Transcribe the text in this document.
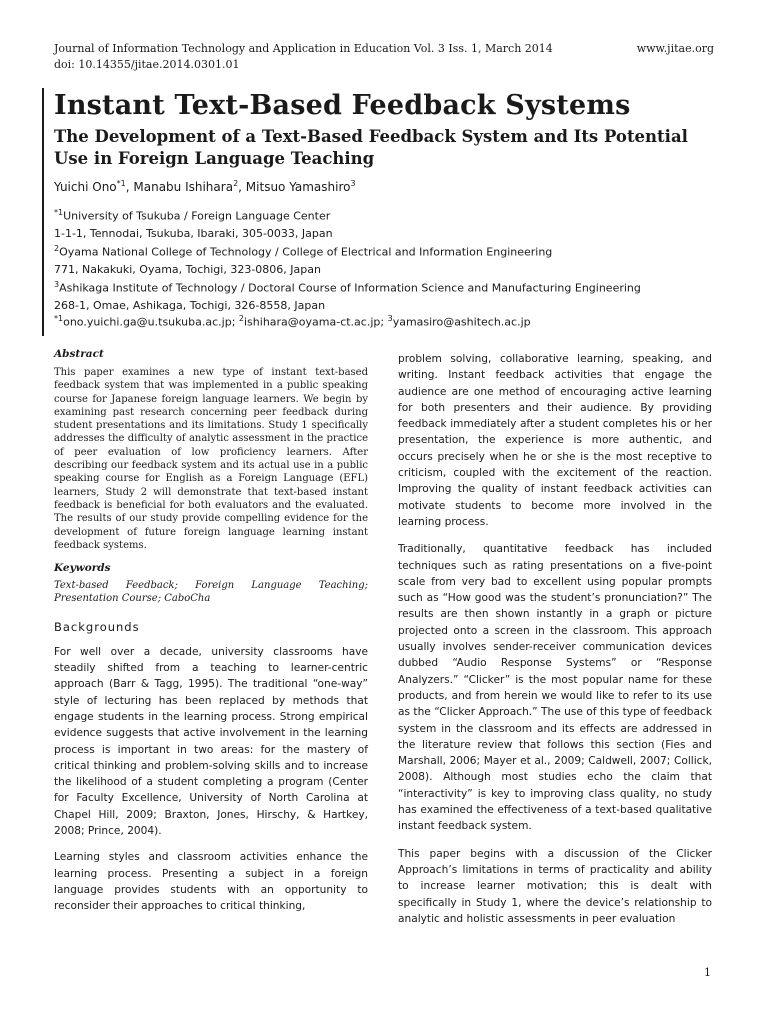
Journal of Information Technology and Application in Education Vol. 3 Iss. 1, March 2014
doi: 10.14355/jitae.2014.0301.01
www.jitae.org
Instant Text-Based Feedback Systems
The Development of a Text-Based Feedback System and Its Potential Use in Foreign Language Teaching
Yuichi Ono$^{*1}$, Manabu Ishihara$^2$, Mitsuo Yamashiro$^3$
$^{*1}$University of Tsukuba / Foreign Language Center
1-1-1, Tennodai, Tsukuba, Ibaraki, 305-0033, Japan
$^2$Oyama National College of Technology / College of Electrical and Information Engineering
771, Nakakuki, Oyama, Tochigi, 323-0806, Japan
$^3$Ashikaga Institute of Technology / Doctoral Course of Information Science and Manufacturing Engineering
268-1, Omae, Ashikaga, Tochigi, 326-8558, Japan
$^{*1}$ono.yuichi.ga@u.tsukuba.ac.jp; $^2$ishihara@oyama-ct.ac.jp; $^3$yamasiro@ashitech.ac.jp

Abstract

This paper examines a new type of instant text-based feedback system that was implemented in a public speaking course for Japanese foreign language learners. We begin by examining past research concerning peer feedback during student presentations and its limitations. Study 1 specifically addresses the difficulty of analytic assessment in the practice of peer evaluation of low proficiency learners. After describing our feedback system and its actual use in a public speaking course for English as a Foreign Language (EFL) learners, Study 2 will demonstrate that text-based instant feedback is beneficial for both evaluators and the evaluated. The results of our study provide compelling evidence for the development of future foreign language learning instant feedback systems.

Keywords

Text-based Feedback; Foreign Language Teaching; Presentation Course; CaboCha

Backgrounds

For well over a decade, university classrooms have steadily shifted from a teaching to learner-centric approach (Barr & Tagg, 1995). The traditional “one-way” style of lecturing has been replaced by methods that engage students in the learning process. Strong empirical evidence suggests that active involvement in the learning process is important in two areas: for the mastery of critical thinking and problem-solving skills and to increase the likelihood of a student completing a program (Center for Faculty Excellence, University of North Carolina at Chapel Hill, 2009; Braxton, Jones, Hirschy, & Hartkey, 2008; Prince, 2004).

Learning styles and classroom activities enhance the learning process. Presenting a subject in a foreign language provides students with an opportunity to reconsider their approaches to critical thinking,

problem solving, collaborative learning, speaking, and writing. Instant feedback activities that engage the audience are one method of encouraging active learning for both presenters and their audience. By providing feedback immediately after a student completes his or her presentation, the experience is more authentic, and occurs precisely when he or she is the most receptive to criticism, coupled with the excitement of the reaction. Improving the quality of instant feedback activities can motivate students to become more involved in the learning process.

Traditionally, quantitative feedback has included techniques such as rating presentations on a five-point scale from very bad to excellent using popular prompts such as “How good was the student’s pronunciation?” The results are then shown instantly in a graph or picture projected onto a screen in the classroom. This approach usually involves sender-receiver communication devices dubbed “Audio Response Systems” or “Response Analyzers.” “Clicker” is the most popular name for these products, and from herein we would like to refer to its use as the “Clicker Approach.” The use of this type of feedback system in the classroom and its effects are addressed in the literature review that follows this section (Fies and Marshall, 2006; Mayer et al., 2009; Caldwell, 2007; Collick, 2008). Although most studies echo the claim that “interactivity” is key to improving class quality, no study has examined the effectiveness of a text-based qualitative instant feedback system.

This paper begins with a discussion of the Clicker Approach’s limitations in terms of practicality and ability to increase learner motivation; this is dealt with specifically in Study 1, where the device’s relationship to analytic and holistic assessments in peer evaluation

1
